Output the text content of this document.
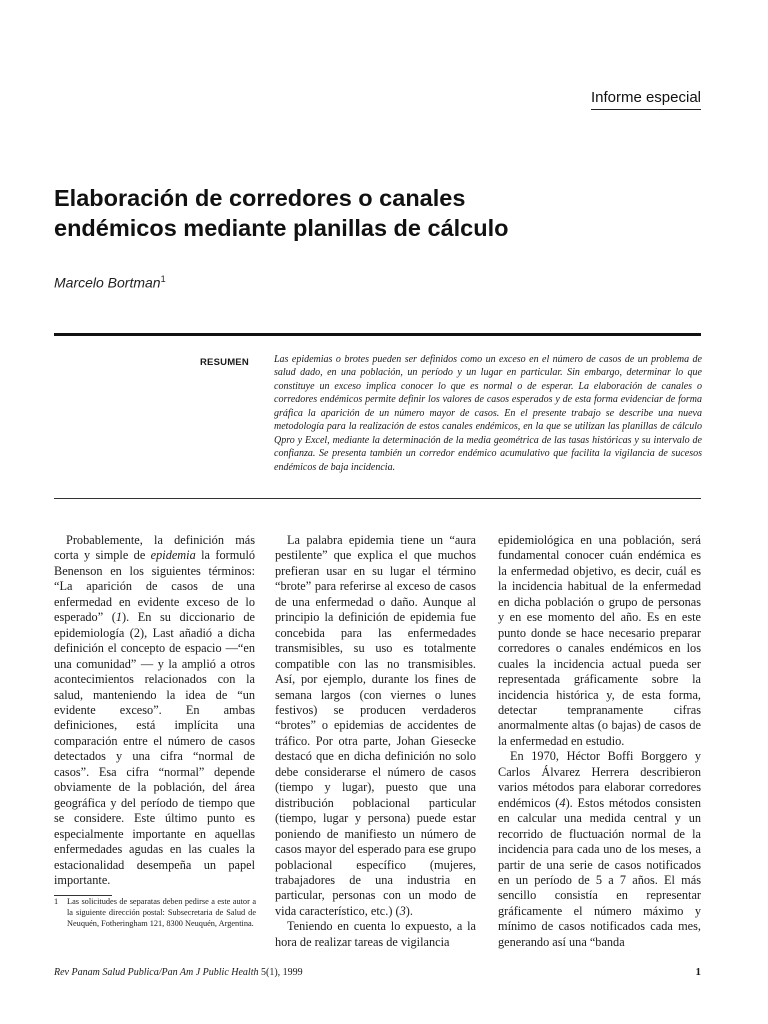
Informe especial
Elaboración de corredores o canales
endémicos mediante planillas de cálculo
Marcelo Bortman$^1$
RESUMEN	Las epidemias o brotes pueden ser definidos como un exceso en el número de casos de un problema de salud dado, en una población, un período y un lugar en particular. Sin embargo, determinar lo que constituye un exceso implica conocer lo que es normal o de esperar. La elaboración de canales o corredores endémicos permite definir los valores de casos esperados y de esta forma evidenciar de forma gráfica la aparición de un número mayor de casos. En el presente trabajo se describe una nueva metodología para la realización de estos canales endémicos, en la que se utilizan las planillas de cálculo Qpro y Excel, mediante la determinación de la media geométrica de las tasas históricas y su intervalo de confianza. Se presenta también un corredor endémico acumulativo que facilita la vigilancia de sucesos endémicos de baja incidencia.

Probablemente, la definición más corta y simple de epidemia la formuló Benenson en los siguientes términos: “La aparición de casos de una enfermedad en evidente exceso de lo esperado” (1). En su diccionario de epidemiología (2), Last añadió a dicha definición el concepto de espacio —“en una comunidad” — y la amplió a otros acontecimientos relacionados con la salud, manteniendo la idea de “un evidente exceso”. En ambas definiciones, está implícita una comparación entre el número de casos detectados y una cifra “normal de casos”. Esa cifra “normal” depende obviamente de la población, del área geográfica y del período de tiempo que se considere. Este último punto es especialmente importante en aquellas enfermedades agudas en las cuales la estacionalidad desempeña un papel importante.

La palabra epidemia tiene un “aura pestilente” que explica el que muchos prefieran usar en su lugar el término “brote” para referirse al exceso de casos de una enfermedad o daño. Aunque al principio la definición de epidemia fue concebida para las enfermedades transmisibles, su uso es totalmente compatible con las no transmisibles. Así, por ejemplo, durante los fines de semana largos (con viernes o lunes festivos) se producen verdaderos “brotes” o epidemias de accidentes de tráfico. Por otra parte, Johan Giesecke destacó que en dicha definición no solo debe considerarse el número de casos (tiempo y lugar), puesto que una distribución poblacional particular (tiempo, lugar y persona) puede estar poniendo de manifiesto un número de casos mayor del esperado para ese grupo poblacional específico (mujeres, trabajadores de una industria en particular, personas con un modo de vida característico, etc.) (3).

Teniendo en cuenta lo expuesto, a la hora de realizar tareas de vigilancia

epidemiológica en una población, será fundamental conocer cuán endémica es la enfermedad objetivo, es decir, cuál es la incidencia habitual de la enfermedad en dicha población o grupo de personas y en ese momento del año. Es en este punto donde se hace necesario preparar corredores o canales endémicos en los cuales la incidencia actual pueda ser representada gráficamente sobre la incidencia histórica y, de esta forma, detectar tempranamente cifras anormalmente altas (o bajas) de casos de la enfermedad en estudio.

En 1970, Héctor Boffi Borggero y Carlos Álvarez Herrera describieron varios métodos para elaborar corredores endémicos (4). Estos métodos consisten en calcular una medida central y un recorrido de fluctuación normal de la incidencia para cada uno de los meses, a partir de una serie de casos notificados en un período de 5 a 7 años. El más sencillo consistía en representar gráficamente el número máximo y mínimo de casos notificados cada mes, generando así una “banda

1	Las solicitudes de separatas deben pedirse a este autor a la siguiente dirección postal: Subsecretaria de Salud de Neuquén, Fotheringham 121, 8300 Neuquén, Argentina.

Rev Panam Salud Publica/Pan Am J Public Health 5(1), 1999	1
